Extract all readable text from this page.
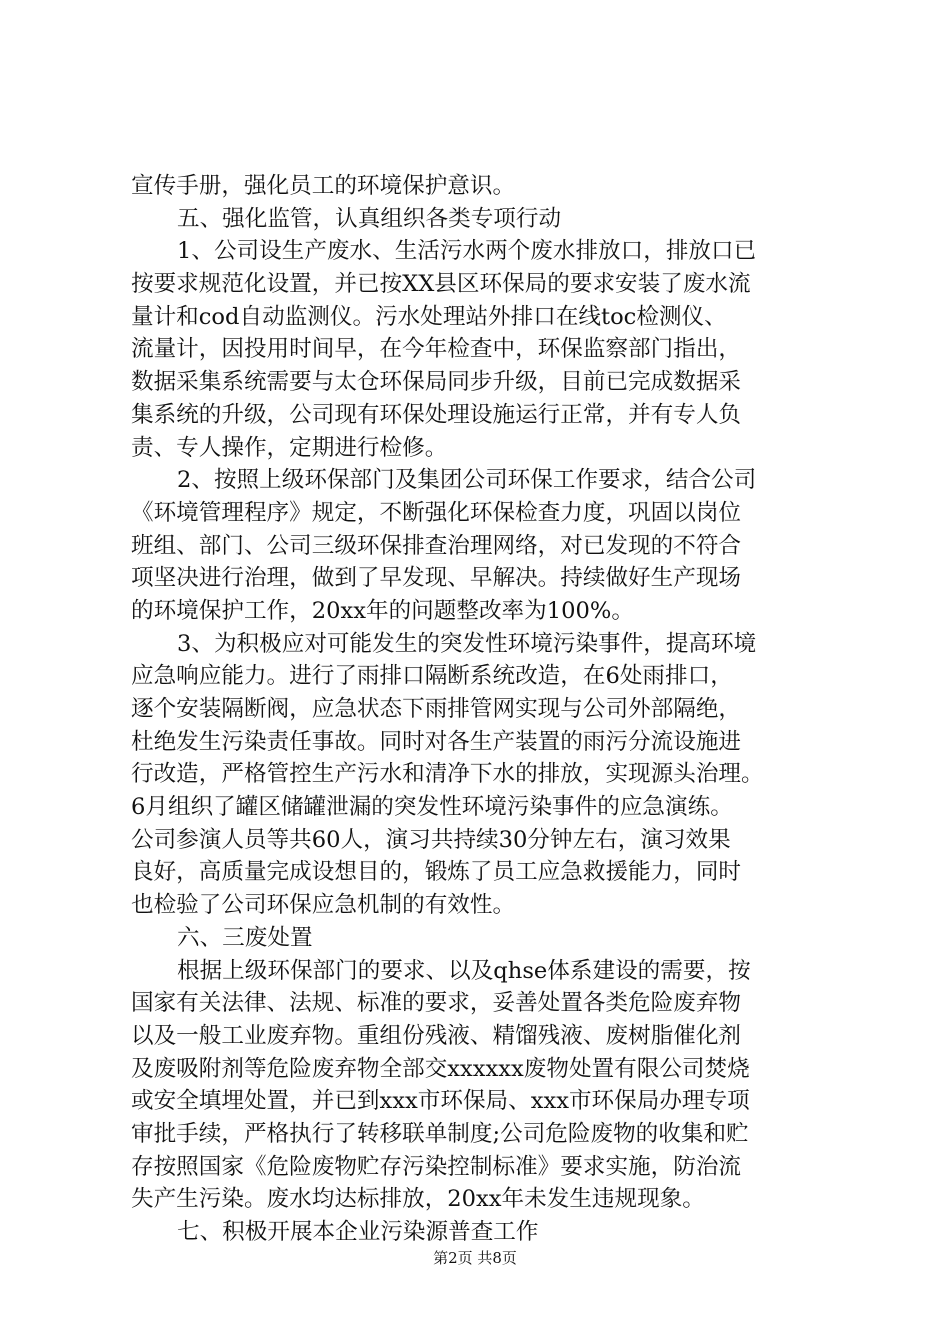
宣传手册，强化员工的环境保护意识。
五、强化监管，认真组织各类专项行动
1、公司设生产废水、生活污水两个废水排放口，排放口已
按要求规范化设置，并已按XX县区环保局的要求安装了废水流
量计和cod自动监测仪。污水处理站外排口在线toc检测仪、
流量计，因投用时间早，在今年检查中，环保监察部门指出，
数据采集系统需要与太仓环保局同步升级，目前已完成数据采
集系统的升级，公司现有环保处理设施运行正常，并有专人负
责、专人操作，定期进行检修。
2、按照上级环保部门及集团公司环保工作要求，结合公司
《环境管理程序》规定，不断强化环保检查力度，巩固以岗位
班组、部门、公司三级环保排查治理网络，对已发现的不符合
项坚决进行治理，做到了早发现、早解决。持续做好生产现场
的环境保护工作，20xx年的问题整改率为100%。
3、为积极应对可能发生的突发性环境污染事件，提高环境
应急响应能力。进行了雨排口隔断系统改造，在6处雨排口，
逐个安装隔断阀，应急状态下雨排管网实现与公司外部隔绝，
杜绝发生污染责任事故。同时对各生产装置的雨污分流设施进
行改造，严格管控生产污水和清净下水的排放，实现源头治理。
6月组织了罐区储罐泄漏的突发性环境污染事件的应急演练。
公司参演人员等共60人，演习共持续30分钟左右，演习效果
良好，高质量完成设想目的，锻炼了员工应急救援能力，同时
也检验了公司环保应急机制的有效性。
六、三废处置
根据上级环保部门的要求、以及qhse体系建设的需要，按
国家有关法律、法规、标准的要求，妥善处置各类危险废弃物
以及一般工业废弃物。重组份残液、精馏残液、废树脂催化剂
及废吸附剂等危险废弃物全部交xxxxxx废物处置有限公司焚烧
或安全填埋处置，并已到xxx市环保局、xxx市环保局办理专项
审批手续，严格执行了转移联单制度;公司危险废物的收集和贮
存按照国家《危险废物贮存污染控制标准》要求实施，防治流
失产生污染。废水均达标排放，20xx年未发生违规现象。
七、积极开展本企业污染源普查工作
第2页 共8页
